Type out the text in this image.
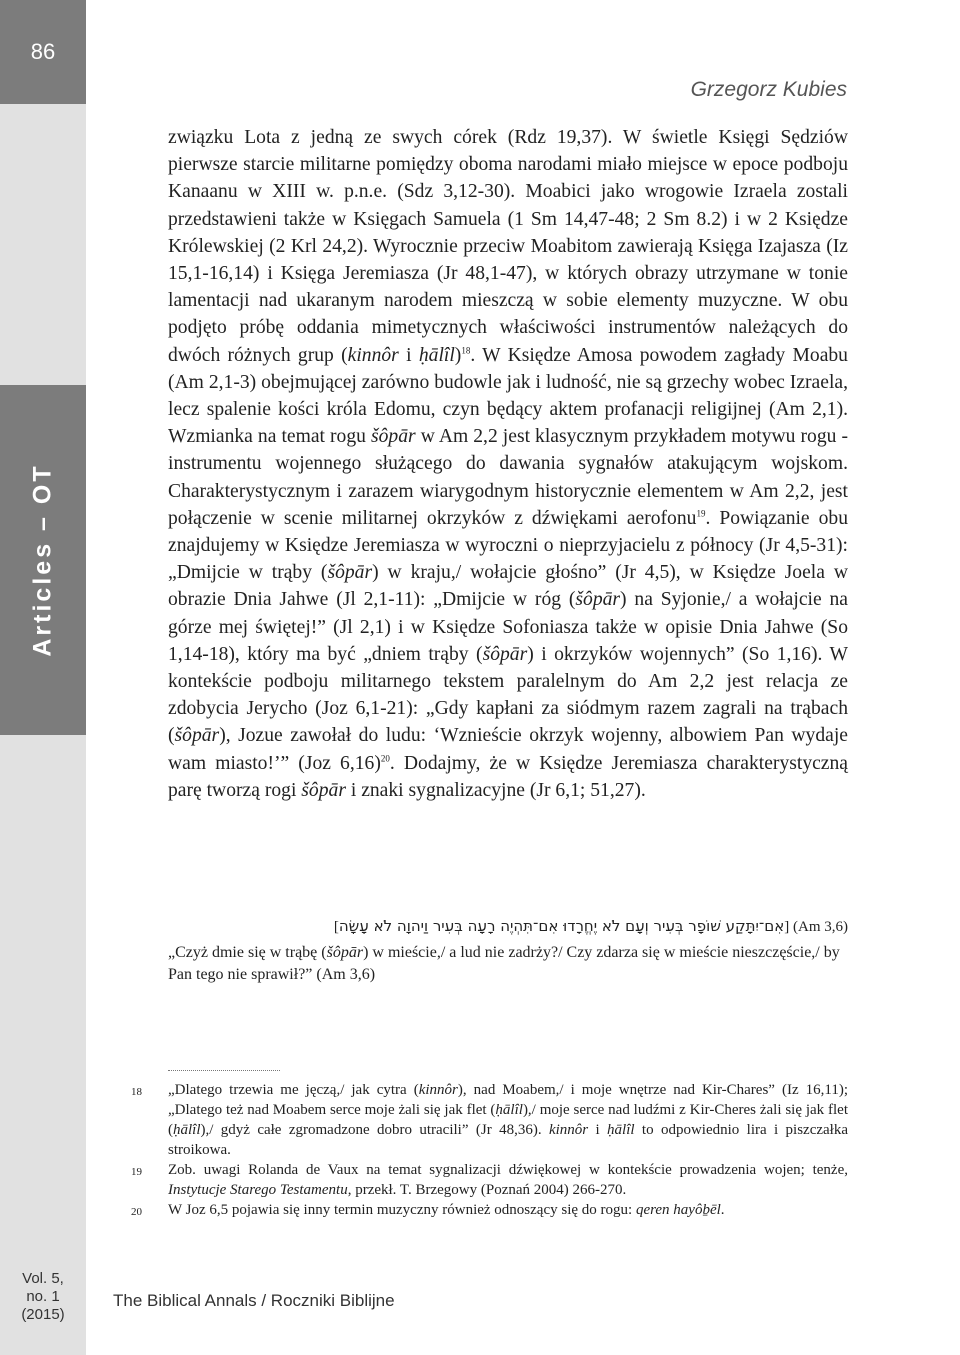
86
Articles – OT
Vol. 5,
no. 1
(2015)
The Biblical Annals / Roczniki Biblijne
Grzegorz Kubies

związku Lota z jedną ze swych córek (Rdz 19,37). W świetle Księgi Sędziów pierwsze starcie militarne pomiędzy oboma narodami miało miejsce w epoce podboju Kanaanu w XIII w. p.n.e. (Sdz 3,12-30). Moabici jako wrogowie Izraela zostali przedstawieni także w Księgach Samuela (1 Sm 14,47-48; 2 Sm 8.2) i w 2 Księdze Królewskiej (2 Krl 24,2). Wyrocznie przeciw Moabitom zawierają Księga Izajasza (Iz 15,1-16,14) i Księga Jeremiasza (Jr 48,1-47), w których obrazy utrzymane w tonie lamentacji nad ukaranym narodem mieszczą w sobie elementy muzyczne. W obu podjęto próbę oddania mimetycznych właściwości instrumentów należących do dwóch różnych grup (kinnôr i ḥālîl)$^{18}$. W Księdze Amosa powodem zagłady Moabu (Am 2,1-3) obejmującej zarówno budowle jak i ludność, nie są grzechy wobec Izraela, lecz spalenie kości króla Edomu, czyn będący aktem profanacji religijnej (Am 2,1). Wzmianka na temat rogu šôpār w Am 2,2 jest klasycznym przykładem motywu rogu - instrumentu wojennego służącego do dawania sygnałów atakującym wojskom. Charakterystycznym i zarazem wiarygodnym historycznie elementem w Am 2,2, jest połączenie w scenie militarnej okrzyków z dźwiękami aerofonu$^{19}$. Powiązanie obu znajdujemy w Księdze Jeremiasza w wyroczni o nieprzyjacielu z północy (Jr 4,5-31): „Dmijcie w trąby (šôpār) w kraju,/ wołajcie głośno” (Jr 4,5), w Księdze Joela w obrazie Dnia Jahwe (Jl 2,1-11): „Dmijcie w róg (šôpār) na Syjonie,/ a wołajcie na górze mej świętej!” (Jl 2,1) i w Księdze Sofoniasza także w opisie Dnia Jahwe (So 1,14-18), który ma być „dniem trąby (šôpār) i okrzyków wojennych” (So 1,16). W kontekście podboju militarnego tekstem paralelnym do Am 2,2 jest relacja ze zdobycia Jerycho (Joz 6,1-21): „Gdy kapłani za siódmym razem zagrali na trąbach (šôpār), Jozue zawołał do ludu: ‘Wznieście okrzyk wojenny, albowiem Pan wydaje wam miasto!’” (Joz 6,16)$^{20}$. Dodajmy, że w Księdze Jeremiasza charakterystyczną parę tworzą rogi šôpār i znaki sygnalizacyjne (Jr 6,1; 51,27).

[אִם־יִתָּקַע שׁוֹפָר בְּעִיר וְעָם לֹא יֶחֱרָדוּ אִם־תִּהְיֶה רָעָה בְּעִיר וַיהוָה לֹא עָשָׂה] (Am 3,6)

„Czyż dmie się w trąbę (šôpār) w mieście,/ a lud nie zadrży?/ Czy zdarza się w mieście nieszczęście,/ by Pan tego nie sprawił?” (Am 3,6)

18	„Dlatego trzewia me jęczą,/ jak cytra (kinnôr), nad Moabem,/ i moje wnętrze nad Kir-Chares” (Iz 16,11); „Dlatego też nad Moabem serce moje żali się jak flet (ḥālîl),/ moje serce nad ludźmi z Kir-Cheres żali się jak flet (ḥālîl),/ gdyż całe zgromadzone dobro utracili” (Jr 48,36). kinnôr i ḥālîl to odpowiednio lira i piszczałka stroikowa.
19	Zob. uwagi Rolanda de Vaux na temat sygnalizacji dźwiękowej w kontekście prowadzenia wojen; tenże, Instytucje Starego Testamentu, przekł. T. Brzegowy (Poznań 2004) 266-270.
20	W Joz 6,5 pojawia się inny termin muzyczny również odnoszący się do rogu: qeren hayôḇēl.
